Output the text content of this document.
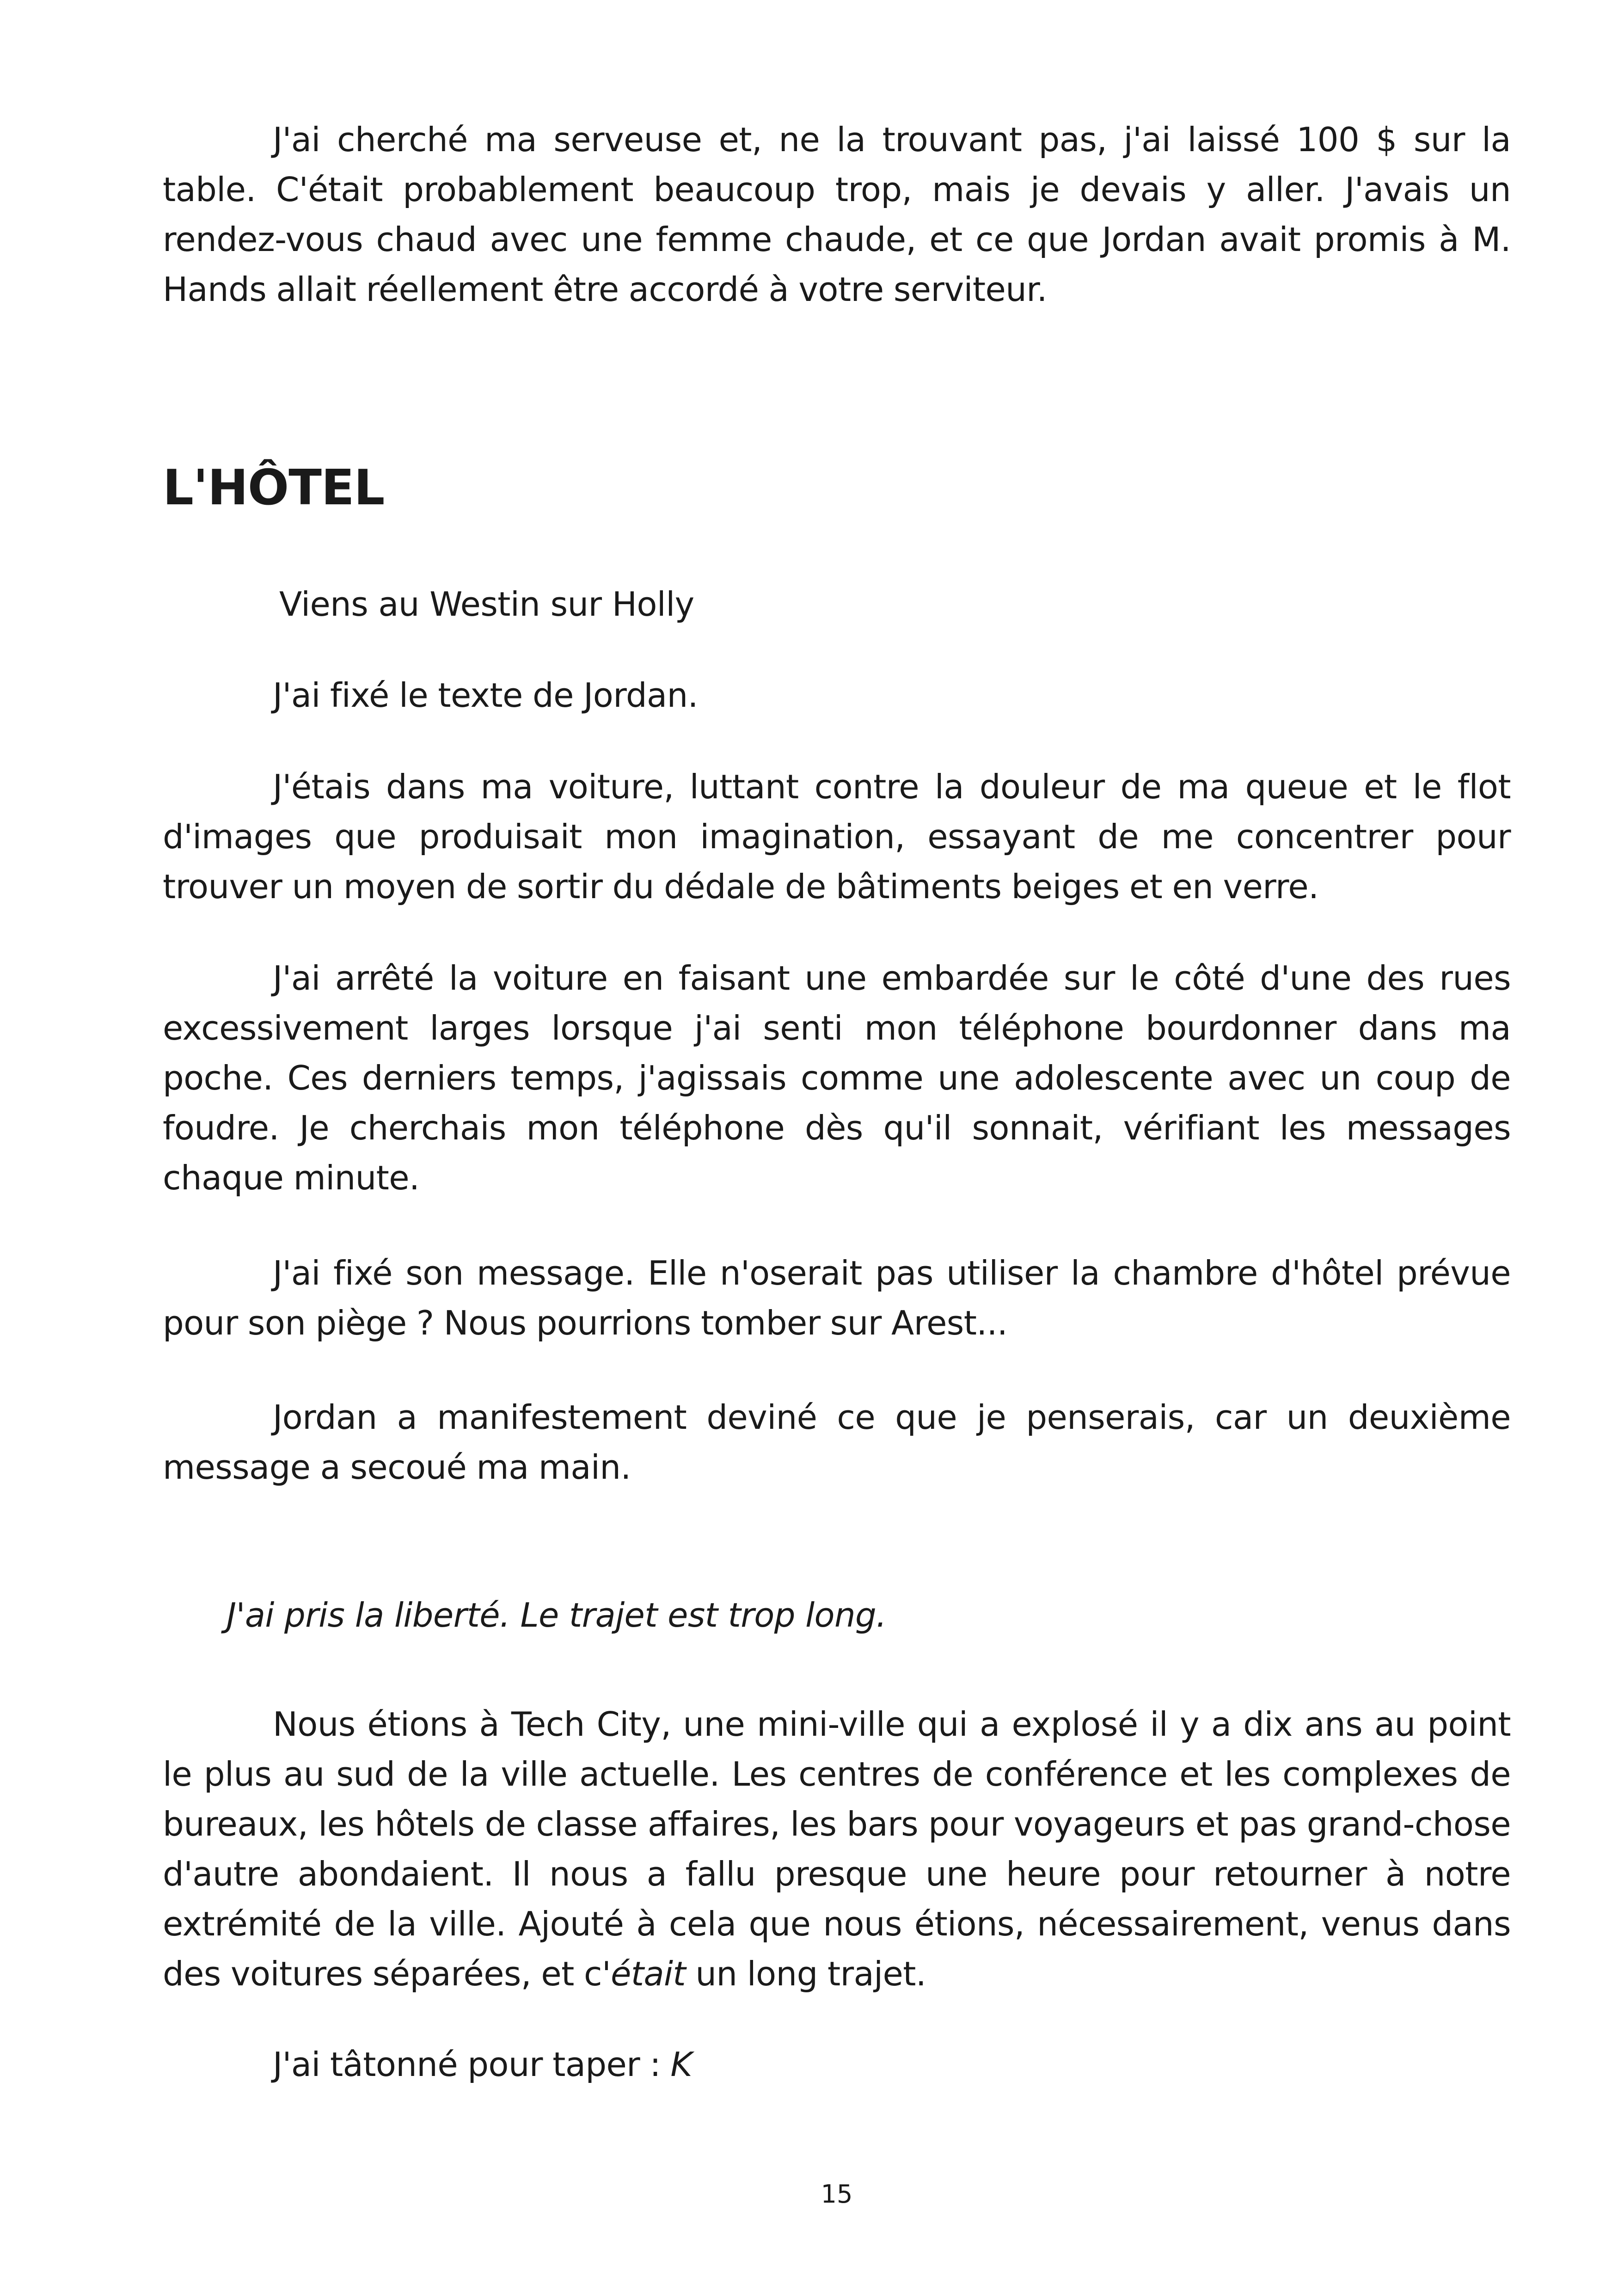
J'ai cherché ma serveuse et, ne la trouvant pas, j'ai laissé 100 $ sur la table. C'était probablement beaucoup trop, mais je devais y aller. J'avais un rendez-vous chaud avec une femme chaude, et ce que Jordan avait promis à M. Hands allait réellement être accordé à votre serviteur.

L'HÔTEL

Viens au Westin sur Holly

J'ai fixé le texte de Jordan.

J'étais dans ma voiture, luttant contre la douleur de ma queue et le flot d'images que produisait mon imagination, essayant de me concentrer pour trouver un moyen de sortir du dédale de bâtiments beiges et en verre.

J'ai arrêté la voiture en faisant une embardée sur le côté d'une des rues excessivement larges lorsque j'ai senti mon téléphone bourdonner dans ma poche. Ces derniers temps, j'agissais comme une adolescente avec un coup de foudre. Je cherchais mon téléphone dès qu'il sonnait, vérifiant les messages chaque minute.

J'ai fixé son message. Elle n'oserait pas utiliser la chambre d'hôtel prévue pour son piège ? Nous pourrions tomber sur Arest...

Jordan a manifestement deviné ce que je penserais, car un deuxième message a secoué ma main.

J'ai pris la liberté. Le trajet est trop long.

Nous étions à Tech City, une mini-ville qui a explosé il y a dix ans au point le plus au sud de la ville actuelle. Les centres de conférence et les complexes de bureaux, les hôtels de classe affaires, les bars pour voyageurs et pas grand-chose d'autre abondaient. Il nous a fallu presque une heure pour retourner à notre extrémité de la ville. Ajouté à cela que nous étions, nécessairement, venus dans des voitures séparées, et c'était un long trajet.

J'ai tâtonné pour taper : K

15
